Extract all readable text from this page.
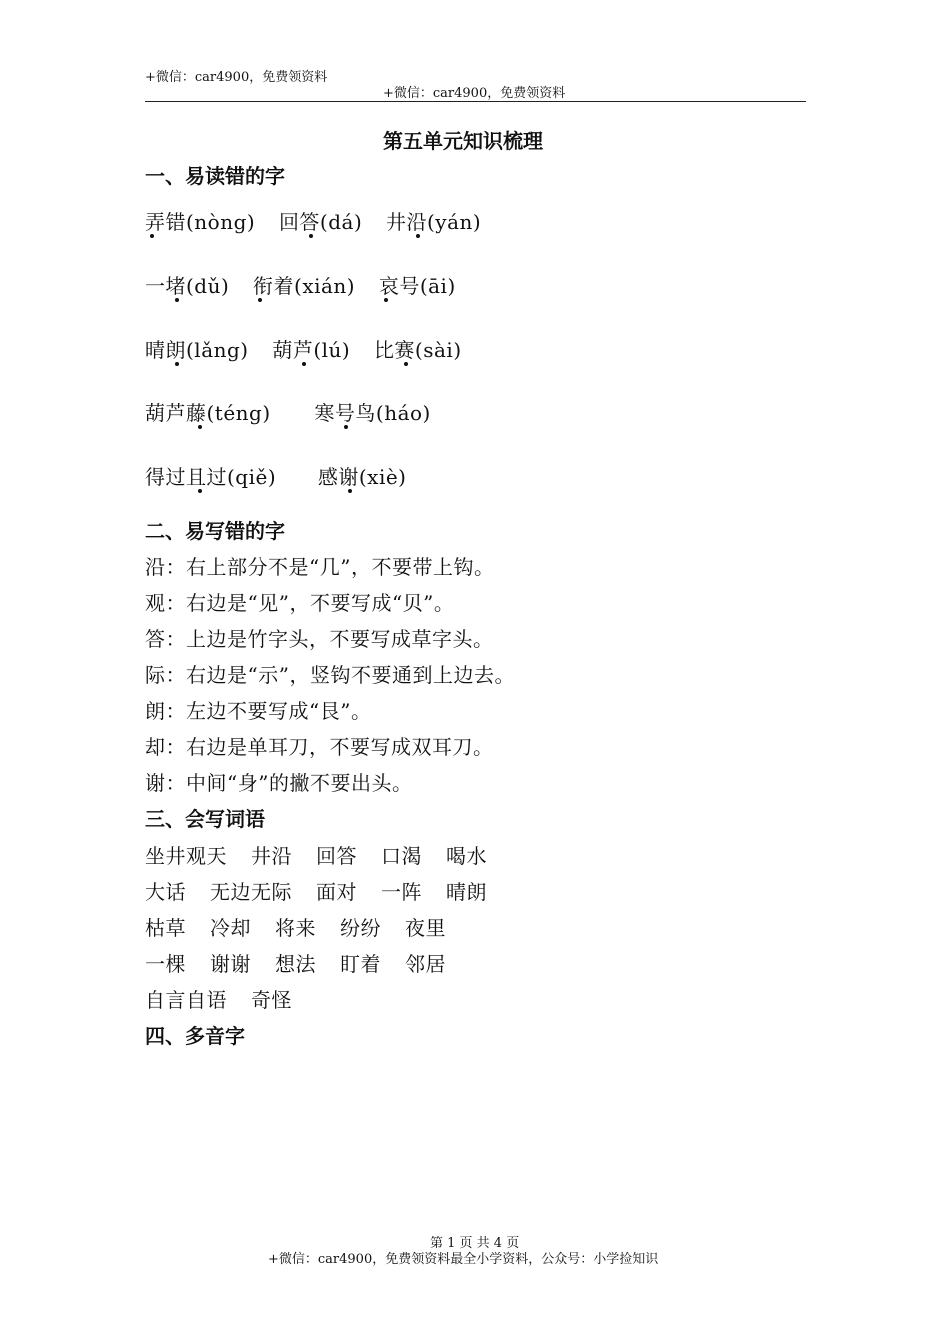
+微信：car4900，免费领资料
+微信：car4900，免费领资料
第五单元知识梳理
一、易读错的字
弄错(nòng) 回答(dá) 井沿(yán)
一堵(dǔ) 衔着(xián) 哀号(āi)
晴朗(lǎng) 葫芦(lú) 比赛(sài)
葫芦藤(téng) 寒号鸟(háo)
得过且过(qiě) 感谢(xiè)
二、易写错的字
沿：右上部分不是“几”，不要带上钩。
观：右边是“见”，不要写成“贝”。
答：上边是竹字头，不要写成草字头。
际：右边是“示”，竖钩不要通到上边去。
朗：左边不要写成“艮”。
却：右边是单耳刀，不要写成双耳刀。
谢：中间“身”的撇不要出头。
三、会写词语
坐井观天 井沿 回答 口渴 喝水
大话 无边无际 面对 一阵 晴朗
枯草 冷却 将来 纷纷 夜里
一棵 谢谢 想法 盯着 邻居
自言自语 奇怪
四、多音字
第 1 页 共 4 页
+微信：car4900，免费领资料最全小学资料，公众号：小学捡知识
